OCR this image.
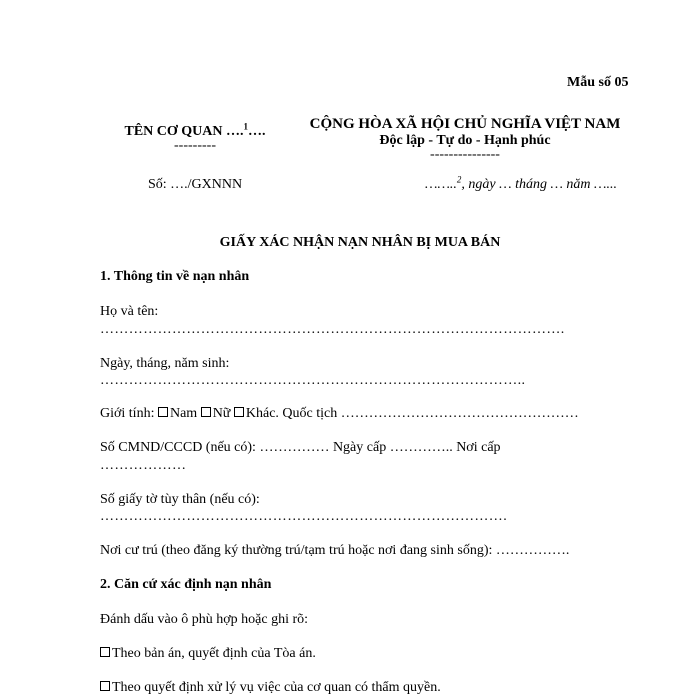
Mẫu số 05
TÊN CƠ QUAN ….$^1$….
---------
CỘNG HÒA XÃ HỘI CHỦ NGHĨA VIỆT NAM
Độc lập - Tự do - Hạnh phúc
---------------
Số: …./GXNNN	……..$^2$, ngày … tháng … năm …...
GIẤY XÁC NHẬN NẠN NHÂN BỊ MUA BÁN
1. Thông tin về nạn nhân
Họ và tên:
…………………………………………………………………………………….
Ngày, tháng, năm sinh:
……………………………………………………………………………..
Giới tính: Nam Nữ Khác. Quốc tịch ……………………………………………
Số CMND/CCCD (nếu có): …………… Ngày cấp ………….. Nơi cấp
………………
Số giấy tờ tùy thân (nếu có):
………………………………………………………………………….
Nơi cư trú (theo đăng ký thường trú/tạm trú hoặc nơi đang sinh sống): …………….
2. Căn cứ xác định nạn nhân
Đánh dấu vào ô phù hợp hoặc ghi rõ:
Theo bản án, quyết định của Tòa án.
Theo quyết định xử lý vụ việc của cơ quan có thẩm quyền.
